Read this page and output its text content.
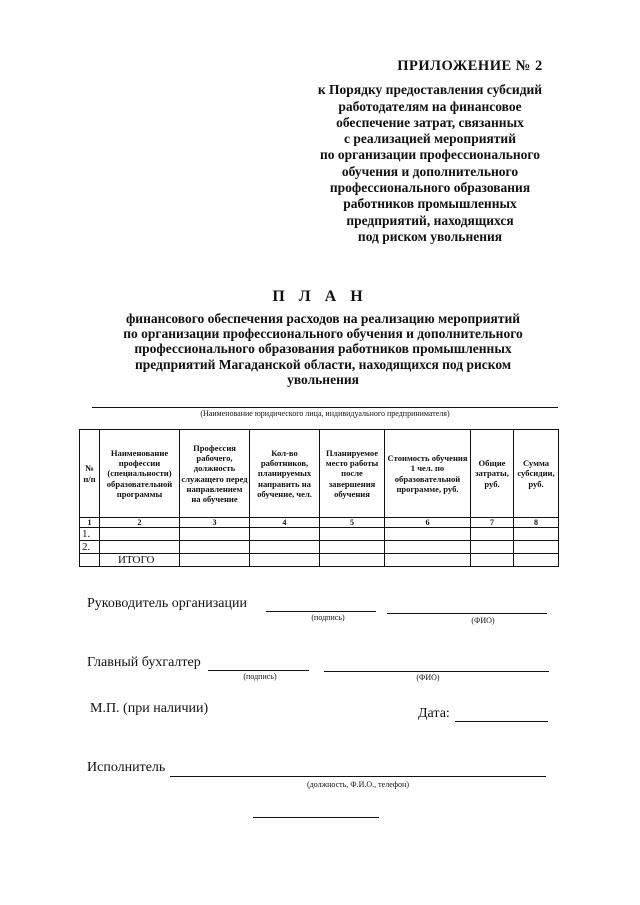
ПРИЛОЖЕНИЕ № 2
к Порядку предоставления субсидий
работодателям на финансовое
обеспечение затрат, связанных
с реализацией мероприятий
по организации профессионального
обучения и дополнительного
профессионального образования
работников промышленных
предприятий, находящихся
под риском увольнения
П Л А Н
финансового обеспечения расходов на реализацию мероприятий
по организации профессионального обучения и дополнительного
профессионального образования работников промышленных
предприятий Магаданской области, находящихся под риском
увольнения
(Наименование юридического лица, индивидуального предпринимателя)
№ п/п	Наименование профессии (специальности) образовательной программы	Профессия рабочего, должность служащего перед направлением на обучение	Кол-во работников, планируемых направить на обучение, чел.	Планируемое место работы после завершения обучения	Стоимость обучения 1 чел. по образовательной программе, руб.	Общие затраты, руб.	Сумма субсидии, руб.
1	2	3	4	5	6	7	8
1.							
2.							
	ИТОГО						
Руководитель организации
(подпись)	(ФИО)
Главный бухгалтер
(подпись)	(ФИО)
М.П. (при наличии)	Дата:
Исполнитель
(должность, Ф.И.О., телефон)
